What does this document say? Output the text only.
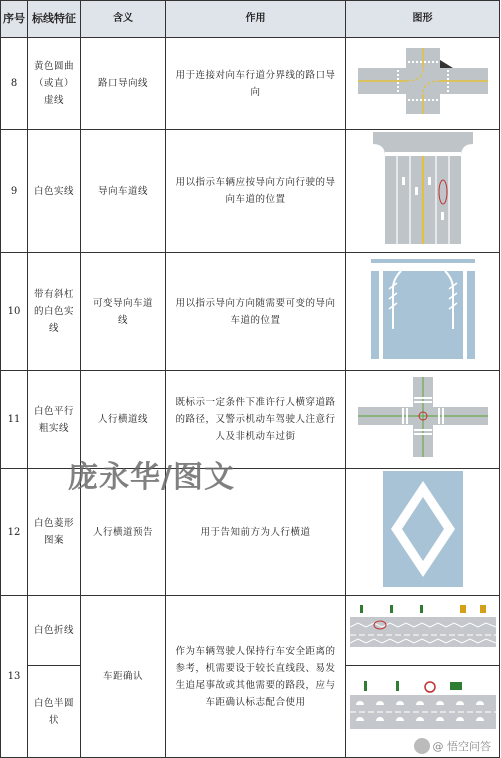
序号	标线特征	含义	作用	图形
8	黄色圆曲（或直）虚线	路口导向线	用于连接对向车行道分界线的路口导向	
9	白色实线	导向车道线	用以指示车辆应按导向方向行驶的导向车道的位置	
10	带有斜杠的白色实线	可变导向车道线	用以指示导向方向随需要可变的导向车道的位置	
11	白色平行粗实线	人行横道线	既标示一定条件下准许行人横穿道路的路径，又警示机动车驾驶人注意行人及非机动车过街	
12	白色菱形图案	人行横道预告	用于告知前方为人行横道	
13	白色折线	车距确认	作为车辆驾驶人保持行车安全距离的参考，机需要设于较长直线段、易发生追尾事故或其他需要的路段，应与车距确认标志配合使用	
	白色半圆状	
庞永华/图文
@ 悟空问答
